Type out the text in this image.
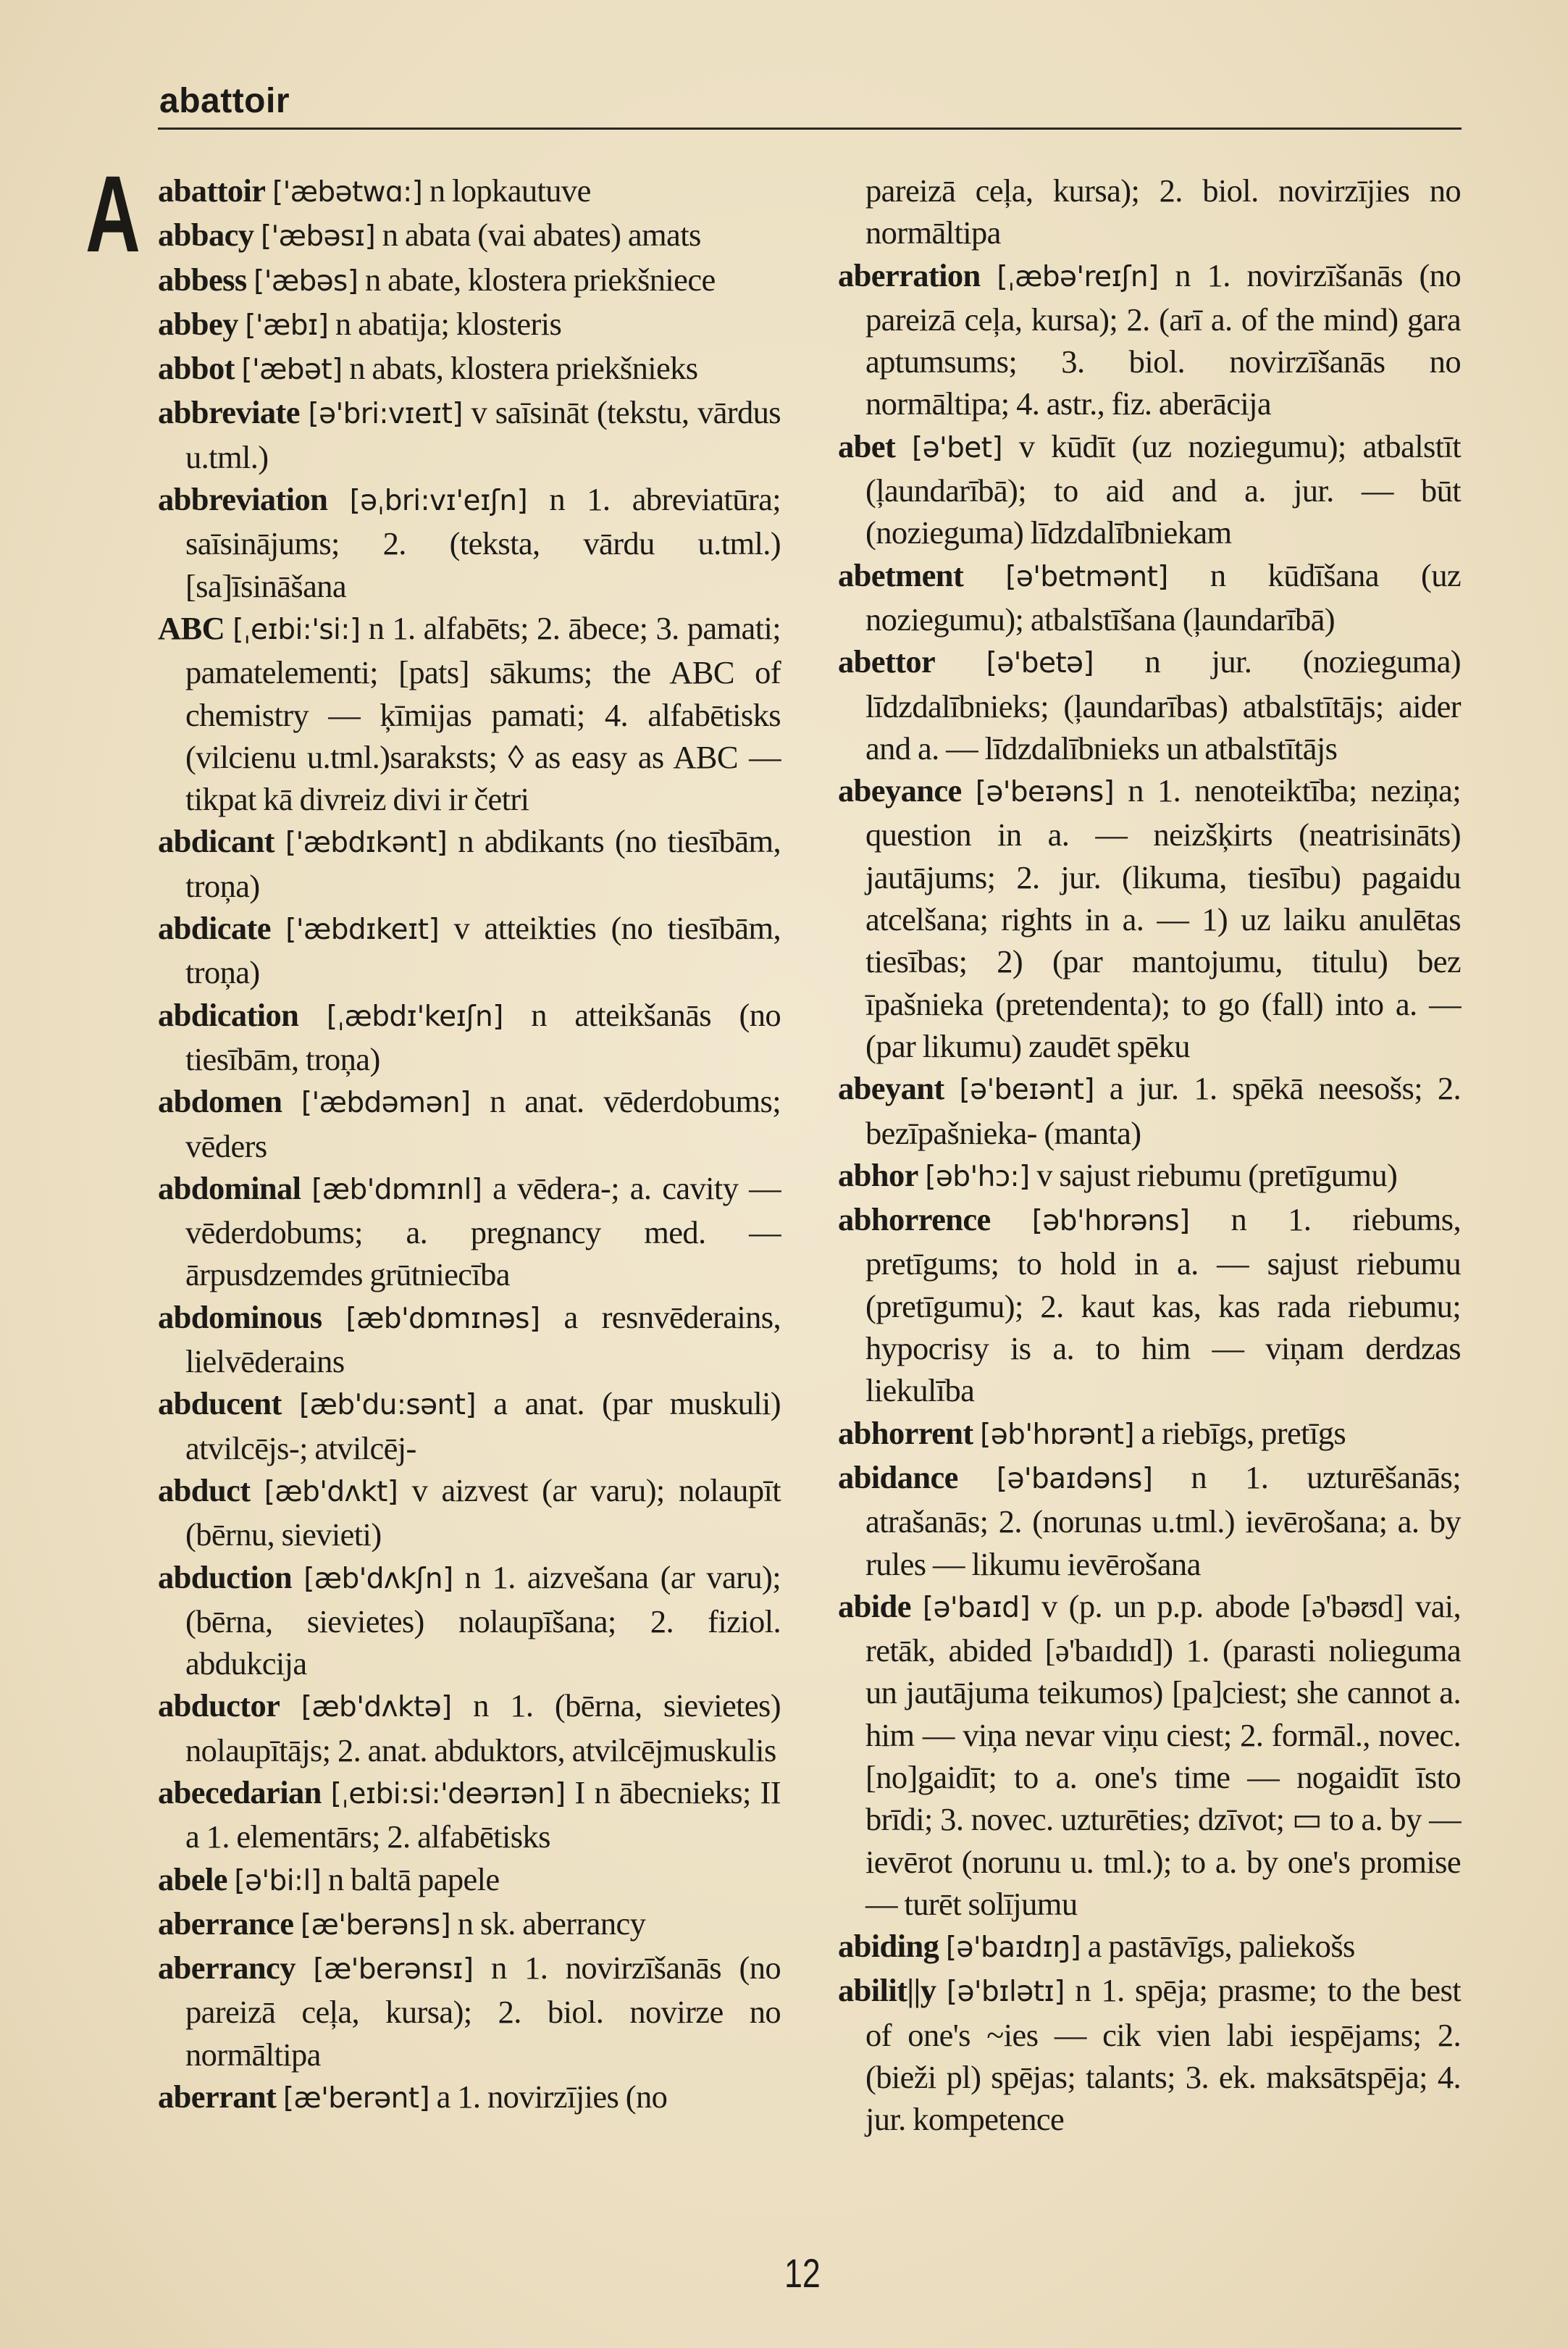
abattoir
A abattoir ['æbətwɑ:] n lopkautuve

abbacy ['æbəsɪ] n abata (vai abates) amats

abbess ['æbəs] n abate, klostera priekšniece

abbey ['æbɪ] n abatija; klosteris

abbot ['æbət] n abats, klostera priekšnieks

abbreviate [ə'bri:vɪeɪt] v saīsināt (tekstu, vārdus u.tml.)

abbreviation [əˌbri:vɪ'eɪʃn] n 1. abreviatūra; saīsinājums; 2. (teksta, vārdu u.tml.) [sa]īsināšana

ABC [ˌeɪbi:'si:] n 1. alfabēts; 2. ābece; 3. pamati; pamatelementi; [pats] sākums; the ABC of chemistry — ķīmijas pamati; 4. alfabētisks (vilcienu u.tml.)saraksts; ◊ as easy as ABC — tikpat kā divreiz divi ir četri

abdicant ['æbdɪkənt] n abdikants (no tiesībām, troņa)

abdicate ['æbdɪkeɪt] v atteikties (no tiesībām, troņa)

abdication [ˌæbdɪ'keɪʃn] n atteikšanās (no tiesībām, troņa)

abdomen ['æbdəmən] n anat. vēderdobums; vēders

abdominal [æb'dɒmɪnl] a vēdera-; a. cavity — vēderdobums; a. pregnancy med. — ārpusdzemdes grūtniecība

abdominous [æb'dɒmɪnəs] a resnvēderains, lielvēderains

abducent [æb'du:sənt] a anat. (par muskuli) atvilcējs-; atvilcēj-

abduct [æb'dʌkt] v aizvest (ar varu); nolaupīt (bērnu, sievieti)

abduction [æb'dʌkʃn] n 1. aizvešana (ar varu); (bērna, sievietes) nolaupīšana; 2. fiziol. abdukcija

abductor [æb'dʌktə] n 1. (bērna, sievietes) nolaupītājs; 2. anat. abduktors, atvilcējmuskulis

abecedarian [ˌeɪbi:si:'deərɪən] I n ābecnieks; II a 1. elementārs; 2. alfabētisks

abele [ə'bi:l] n baltā papele

aberrance [æ'berəns] n sk. aberrancy

aberrancy [æ'berənsɪ] n 1. novirzīšanās (no pareizā ceļa, kursa); 2. biol. novirze no normāltipa

aberrant [æ'berənt] a 1. novirzījies (no

pareizā ceļa, kursa); 2. biol. novirzījies no normāltipa

aberration [ˌæbə'reɪʃn] n 1. novirzīšanās (no pareizā ceļa, kursa); 2. (arī a. of the mind) gara aptumsums; 3. biol. novirzīšanās no normāltipa; 4. astr., fiz. aberācija

abet [ə'bet] v kūdīt (uz noziegumu); atbalstīt (ļaundarībā); to aid and a. jur. — būt (nozieguma) līdzdalībniekam

abetment [ə'betmənt] n kūdīšana (uz noziegumu); atbalstīšana (ļaundarībā)

abettor [ə'betə] n jur. (nozieguma) līdzdalībnieks; (ļaundarības) atbalstītājs; aider and a. — līdzdalībnieks un atbalstītājs

abeyance [ə'beɪəns] n 1. nenoteiktība; neziņa; question in a. — neizšķirts (neatrisināts) jautājums; 2. jur. (likuma, tiesību) pagaidu atcelšana; rights in a. — 1) uz laiku anulētas tiesības; 2) (par mantojumu, titulu) bez īpašnieka (pretendenta); to go (fall) into a. — (par likumu) zaudēt spēku

abeyant [ə'beɪənt] a jur. 1. spēkā neesošs; 2. bezīpašnieka- (manta)

abhor [əb'hɔ:] v sajust riebumu (pretīgumu)

abhorrence [əb'hɒrəns] n 1. riebums, pretīgums; to hold in a. — sajust riebumu (pretīgumu); 2. kaut kas, kas rada riebumu; hypocrisy is a. to him — viņam derdzas liekulība

abhorrent [əb'hɒrənt] a riebīgs, pretīgs

abidance [ə'baɪdəns] n 1. uzturēšanās; atrašanās; 2. (norunas u.tml.) ievērošana; a. by rules — likumu ievērošana

abide [ə'baɪd] v (p. un p.p. abode [ə'bəʊd] vai, retāk, abided [ə'baɪdɪd]) 1. (parasti nolieguma un jautājuma teikumos) [pa]ciest; she cannot a. him — viņa nevar viņu ciest; 2. formāl., novec. [no]gaidīt; to a. one's time — nogaidīt īsto brīdi; 3. novec. uzturēties; dzīvot; ▭ to a. by — ievērot (norunu u. tml.); to a. by one's promise — turēt solījumu

abiding [ə'baɪdɪŋ] a pastāvīgs, paliekošs

abilit||y [ə'bɪlətɪ] n 1. spēja; prasme; to the best of one's ~ies — cik vien labi iespējams; 2. (bieži pl) spējas; talants; 3. ek. maksātspēja; 4. jur. kompetence

12
